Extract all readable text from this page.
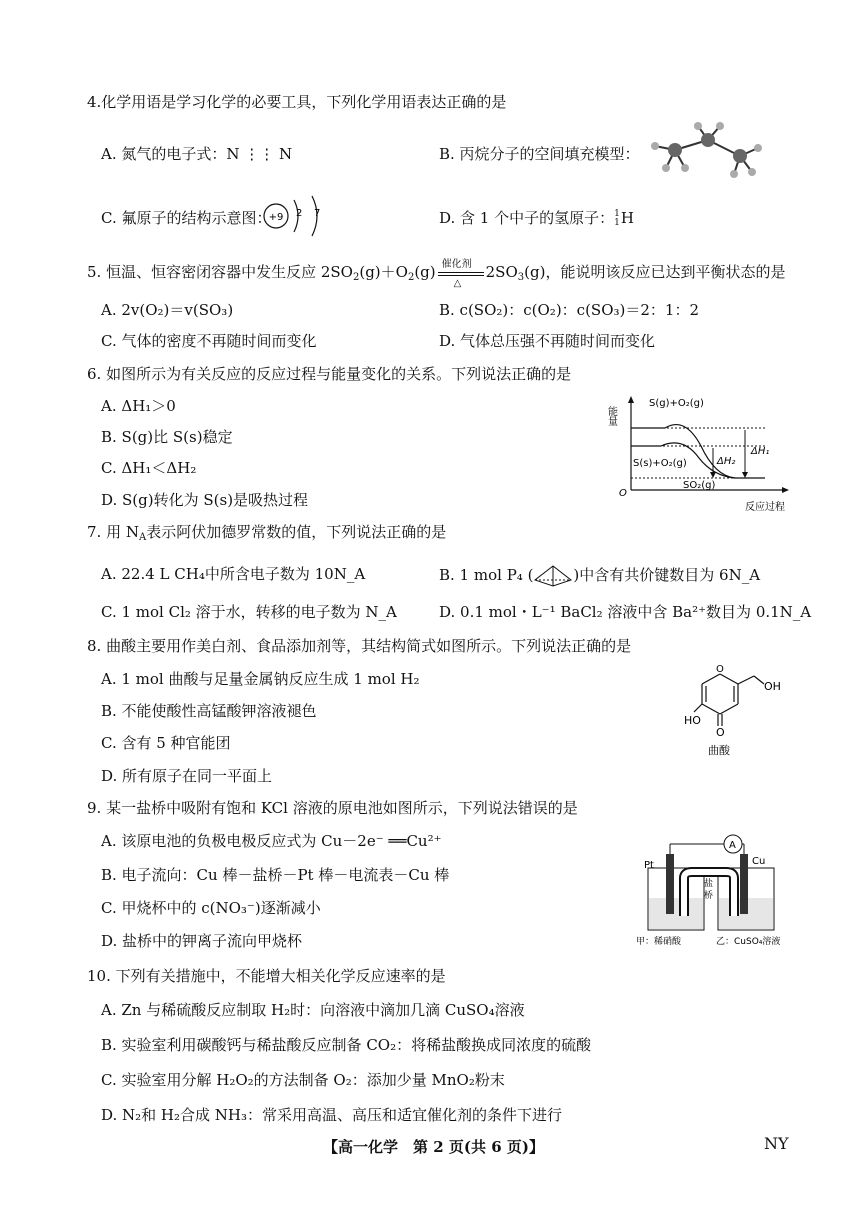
4.化学用语是学习化学的必要工具，下列化学用语表达正确的是
A. 氮气的电子式：N ⋮⋮ N	B. 丙烷分子的空间填充模型：
C. 氟原子的结构示意图：
+9 2 7	D. 含 1 个中子的氢原子：1
1H
5. 恒温、恒容密闭容器中发生反应 $2SO_2(g)+O_2(g)$ 催化剂
△
$2SO_3(g)$，能说明该反应已达到平衡状态的是
A. 2v(O₂)＝v(SO₃)	B. c(SO₂)：c(O₂)：c(SO₃)＝2：1：2
C. 气体的密度不再随时间而变化	D. 气体总压强不再随时间而变化
6. 如图所示为有关反应的反应过程与能量变化的关系。下列说法正确的是
A. ΔH₁＞0
B. S(g)比 S(s)稳定
C. ΔH₁＜ΔH₂
D. S(g)转化为 S(s)是吸热过程
能量
O
反应过程
S(g)+O₂(g)
S(s)+O₂(g)
SO₂(g)
ΔH₁
ΔH₂
7. 用 $N_A$表示阿伏加德罗常数的值，下列说法正确的是
A. 22.4 L CH₄中所含电子数为 10N_A	B. 1 mol P₄ (	)中含有共价键数目为 6N_A
C. 1 mol Cl₂ 溶于水，转移的电子数为 N_A	D. 0.1 mol・L⁻¹ BaCl₂ 溶液中含 Ba²⁺数目为 0.1N_A
8. 曲酸主要用作美白剂、食品添加剂等，其结构简式如图所示。下列说法正确的是
A. 1 mol 曲酸与足量金属钠反应生成 1 mol H₂
B. 不能使酸性高锰酸钾溶液褪色
C. 含有 5 种官能团
D. 所有原子在同一平面上
O
OH
HO
O
曲酸
9. 某一盐桥中吸附有饱和 KCl 溶液的原电池如图所示，下列说法错误的是
A. 该原电池的负极电极反应式为 Cu－2e⁻ ══Cu²⁺
B. 电子流向：Cu 棒－盐桥－Pt 棒－电流表－Cu 棒
C. 甲烧杯中的 c(NO₃⁻)逐渐减小
D. 盐桥中的钾离子流向甲烧杯
A
盐
桥
Pt	Cu
甲：稀硝酸	乙：CuSO₄溶液
10. 下列有关措施中，不能增大相关化学反应速率的是
A. Zn 与稀硫酸反应制取 H₂时：向溶液中滴加几滴 CuSO₄溶液
B. 实验室利用碳酸钙与稀盐酸反应制备 CO₂：将稀盐酸换成同浓度的硫酸
C. 实验室用分解 H₂O₂的方法制备 O₂：添加少量 MnO₂粉末
D. N₂和 H₂合成 NH₃：常采用高温、高压和适宜催化剂的条件下进行
【高一化学　第 2 页(共 6 页)】	NY
